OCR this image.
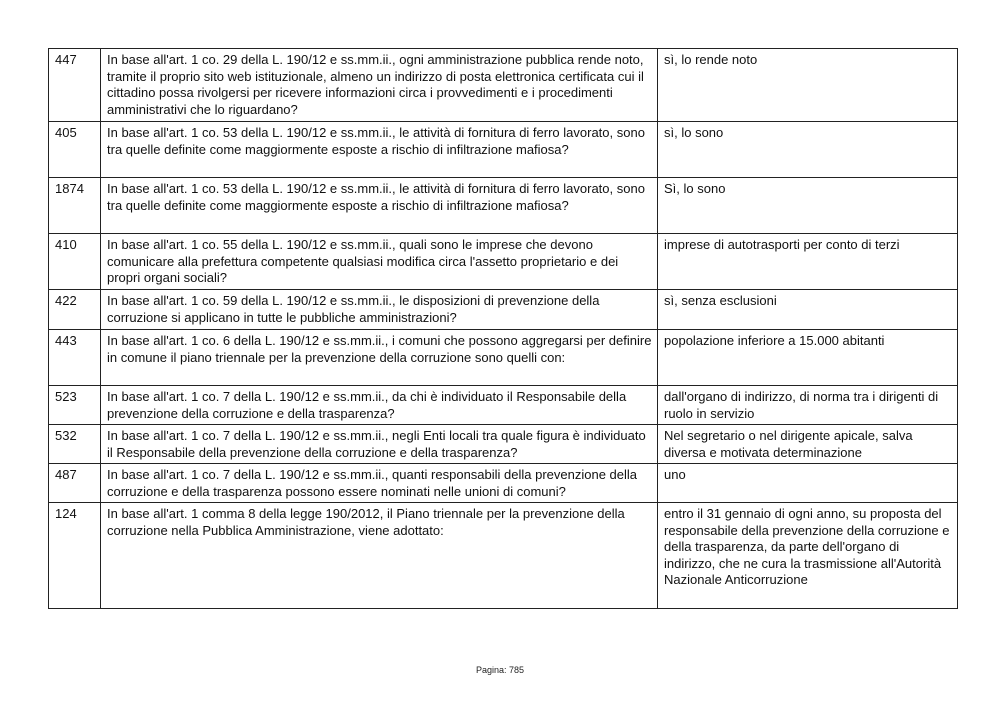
447	In base all'art. 1 co. 29 della L. 190/12 e ss.mm.ii., ogni amministrazione pubblica rende noto, tramite il proprio sito web istituzionale, almeno un indirizzo di posta elettronica certificata cui il cittadino possa rivolgersi per ricevere informazioni circa i provvedimenti e i procedimenti amministrativi che lo riguardano?	sì, lo rende noto
405	In base all'art. 1 co. 53 della L. 190/12 e ss.mm.ii., le attività di fornitura di ferro lavorato, sono tra quelle definite come maggiormente esposte a rischio di infiltrazione mafiosa?	sì, lo sono
1874	In base all'art. 1 co. 53 della L. 190/12 e ss.mm.ii., le attività di fornitura di ferro lavorato, sono tra quelle definite come maggiormente esposte a rischio di infiltrazione mafiosa?	Sì, lo sono
410	In base all'art. 1 co. 55 della L. 190/12 e ss.mm.ii., quali sono le imprese che devono comunicare alla prefettura competente qualsiasi modifica circa l'assetto proprietario e dei propri organi sociali?	imprese di autotrasporti per conto di terzi
422	In base all'art. 1 co. 59 della L. 190/12 e ss.mm.ii., le disposizioni di prevenzione della corruzione si applicano in tutte le pubbliche amministrazioni?	sì, senza esclusioni
443	In base all'art. 1 co. 6 della L. 190/12 e ss.mm.ii., i comuni che possono aggregarsi per definire in comune il piano triennale per la prevenzione della corruzione sono quelli con:	popolazione inferiore a 15.000 abitanti
523	In base all'art. 1 co. 7 della L. 190/12 e ss.mm.ii., da chi è individuato il Responsabile della prevenzione della corruzione e della trasparenza?	dall'organo di indirizzo, di norma tra i dirigenti di ruolo in servizio
532	In base all'art. 1 co. 7 della L. 190/12 e ss.mm.ii., negli Enti locali tra quale figura è individuato il Responsabile della prevenzione della corruzione e della trasparenza?	Nel segretario o nel dirigente apicale, salva diversa e motivata determinazione
487	In base all'art. 1 co. 7 della L. 190/12 e ss.mm.ii., quanti responsabili della prevenzione della corruzione e della trasparenza possono essere nominati nelle unioni di comuni?	uno
124	In base all'art. 1 comma 8 della legge 190/2012, il Piano triennale per la prevenzione della corruzione nella Pubblica Amministrazione, viene adottato:	entro il 31 gennaio di ogni anno, su proposta del responsabile della prevenzione della corruzione e della trasparenza, da parte dell'organo di indirizzo, che ne cura la trasmissione all'Autorità Nazionale Anticorruzione
Pagina: 785
